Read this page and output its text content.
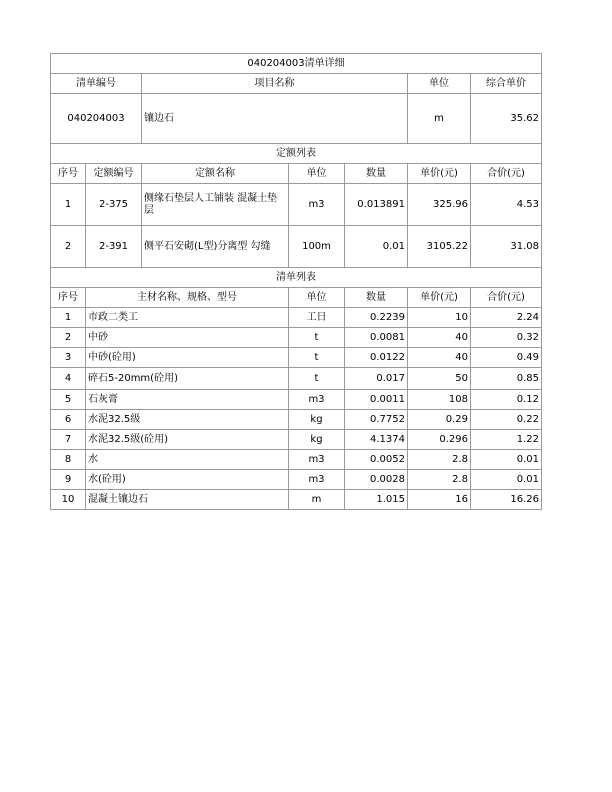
040204003清单详细						
清单编号		项目名称			单位	综合单价
040204003		镶边石			m	35.62
定额列表						
序号	定额编号	定额名称	单位	数量	单价(元)	合价(元)
1	2-375	侧缘石垫层人工铺装 混凝土垫层	m3	0.013891	325.96	4.53
2	2-391	侧平石安砌(L型)分离型 勾缝	100m	0.01	3105.22	31.08
清单列表						
序号	主材名称、规格、型号		单位	数量	单价(元)	合价(元)
1	市政二类工		工日	0.2239	10	2.24
2	中砂		t	0.0081	40	0.32
3	中砂(砼用)		t	0.0122	40	0.49
4	碎石5-20mm(砼用)		t	0.017	50	0.85
5	石灰膏		m3	0.0011	108	0.12
6	水泥32.5级		kg	0.7752	0.29	0.22
7	水泥32.5级(砼用)		kg	4.1374	0.296	1.22
8	水		m3	0.0052	2.8	0.01
9	水(砼用)		m3	0.0028	2.8	0.01
10	混凝土镶边石		m	1.015	16	16.26
